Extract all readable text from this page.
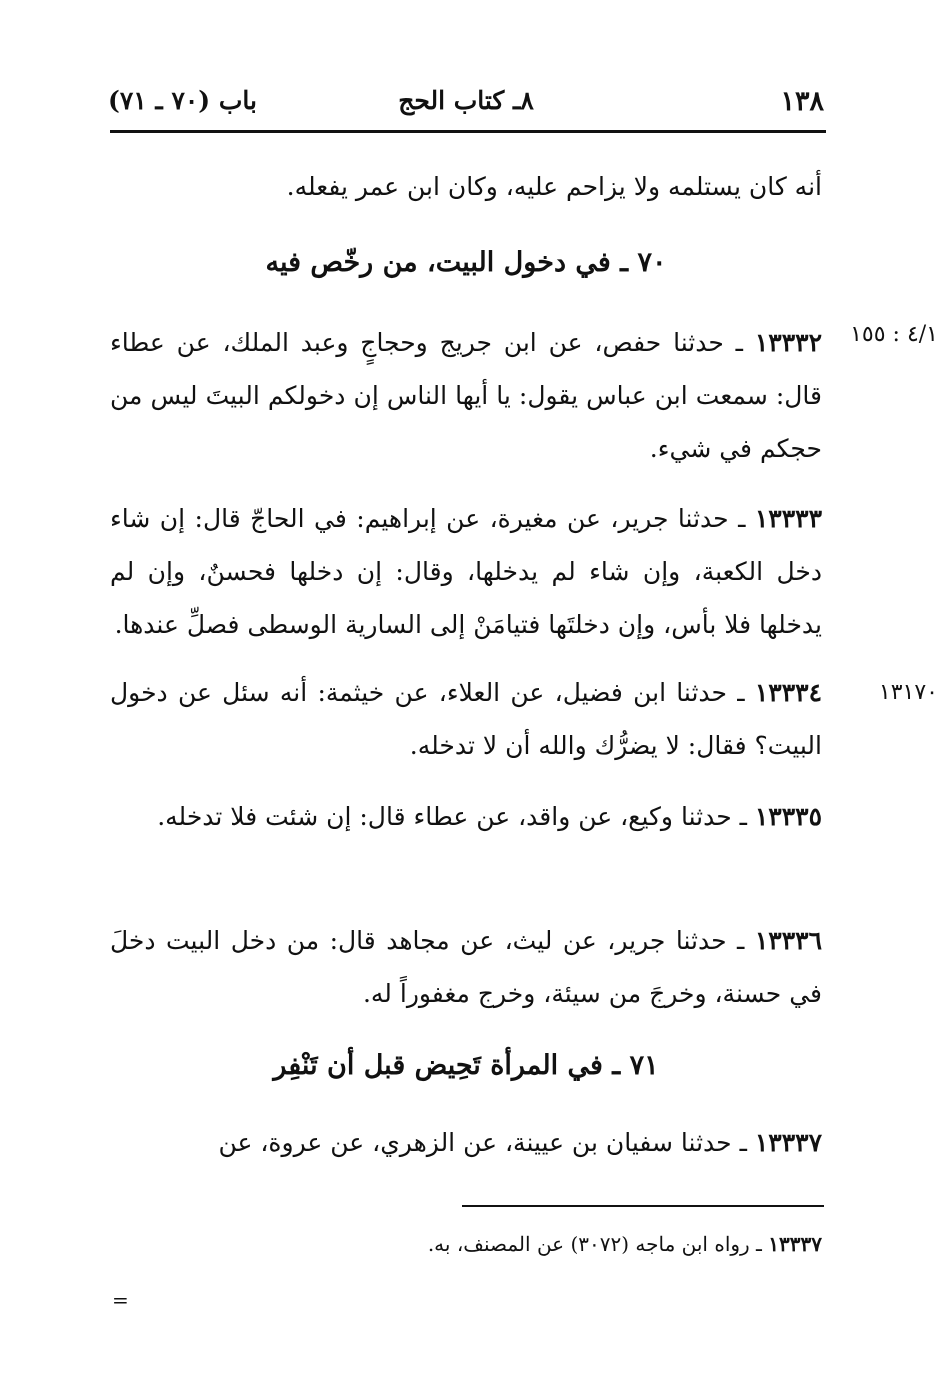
١٣٨
٨ـ كتاب الحج
باب (٧٠ ـ ٧١)
أنه كان يستلمه ولا يزاحم عليه، وكان ابن عمر يفعله.
٧٠ ـ في دخول البيت، من رخّص فيه
٤/١ : ١٥٥
١٣٣٣٢ ـ حدثنا حفص، عن ابن جريج وحجاجٍ وعبد الملك، عن عطاء قال: سمعت ابن عباس يقول: يا أيها الناس إن دخولكم البيتَ ليس من حجكم في شيء.
١٣٣٣٣ ـ حدثنا جرير، عن مغيرة، عن إبراهيم: في الحاجّ قال: إن شاء دخل الكعبة، وإن شاء لم يدخلها، وقال: إن دخلها فحسنٌ، وإن لم يدخلها فلا بأس، وإن دخلتَها فتيامَنْ إلى السارية الوسطى فصلِّ عندها.
١٣١٧٠
١٣٣٣٤ ـ حدثنا ابن فضيل، عن العلاء، عن خيثمة: أنه سئل عن دخول البيت؟ فقال: لا يضرُّك والله أن لا تدخله.
١٣٣٣٥ ـ حدثنا وكيع، عن واقد، عن عطاء قال: إن شئت فلا تدخله.
١٣٣٣٦ ـ حدثنا جرير، عن ليث، عن مجاهد قال: من دخل البيت دخلَ في حسنة، وخرجَ من سيئة، وخرج مغفوراً له.
٧١ ـ في المرأة تَحِيض قبل أن تَنْفِر
١٣٣٣٧ ـ حدثنا سفيان بن عيينة، عن الزهري، عن عروة، عن
١٣٣٣٧ ـ رواه ابن ماجه (٣٠٧٢) عن المصنف، به.
=
